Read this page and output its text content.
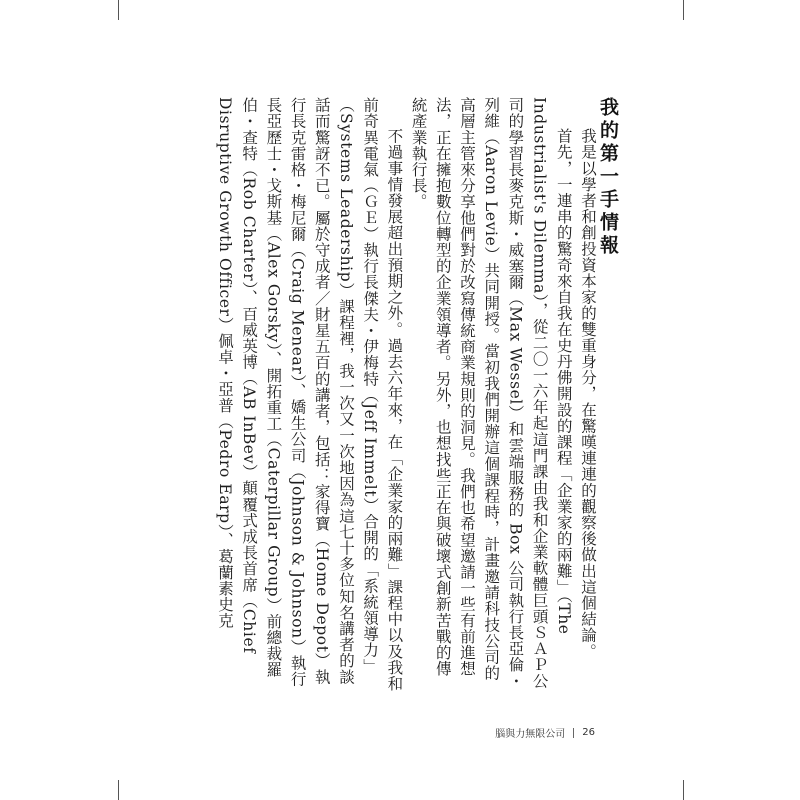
我的第一手情報

我是以學者和創投資本家的雙重身分，在驚嘆連連的觀察後做出這個結論。

首先，一連串的驚奇來自我在史丹佛開設的課程「企業家的兩難」（The Industrialist's Dilemma），從二〇一六年起這門課由我和企業軟體巨頭ＳＡＰ公司的學習長麥克斯・威塞爾（Max Wessel）和雲端服務的 Box 公司執行長亞倫・列維（Aaron Levie）共同開授。當初我們開辦這個課程時，計畫邀請科技公司的高層主管來分享他們對於改寫傳統商業規則的洞見。我們也希望邀請一些有前進想法，正在擁抱數位轉型的企業領導者。另外，也想找些正在與破壞式創新苦戰的傳統產業執行長。

不過事情發展超出預期之外。過去六年來，在「企業家的兩難」課程中以及我和前奇異電氣（ＧＥ）執行長傑夫・伊梅特（Jeff Immelt）合開的「系統領導力」（Systems Leadership）課程裡，我一次又一次地因為這七十多位知名講者的談話而驚訝不已。屬於守成者／財星五百的講者，包括：家得寶（Home Depot）執行長克雷格・梅尼爾（Craig Menear）、嬌生公司（Johnson & Johnson）執行長亞歷士・戈斯基（Alex Gorsky）、開拓重工（Caterpillar Group）前總裁羅伯・查特（Rob Charter）、百威英博（AB InBev）顛覆式成長首席（Chief Disruptive Growth Officer）佩卓・亞普（Pedro Earp）、葛蘭素史克

腦與力無限公司 26
